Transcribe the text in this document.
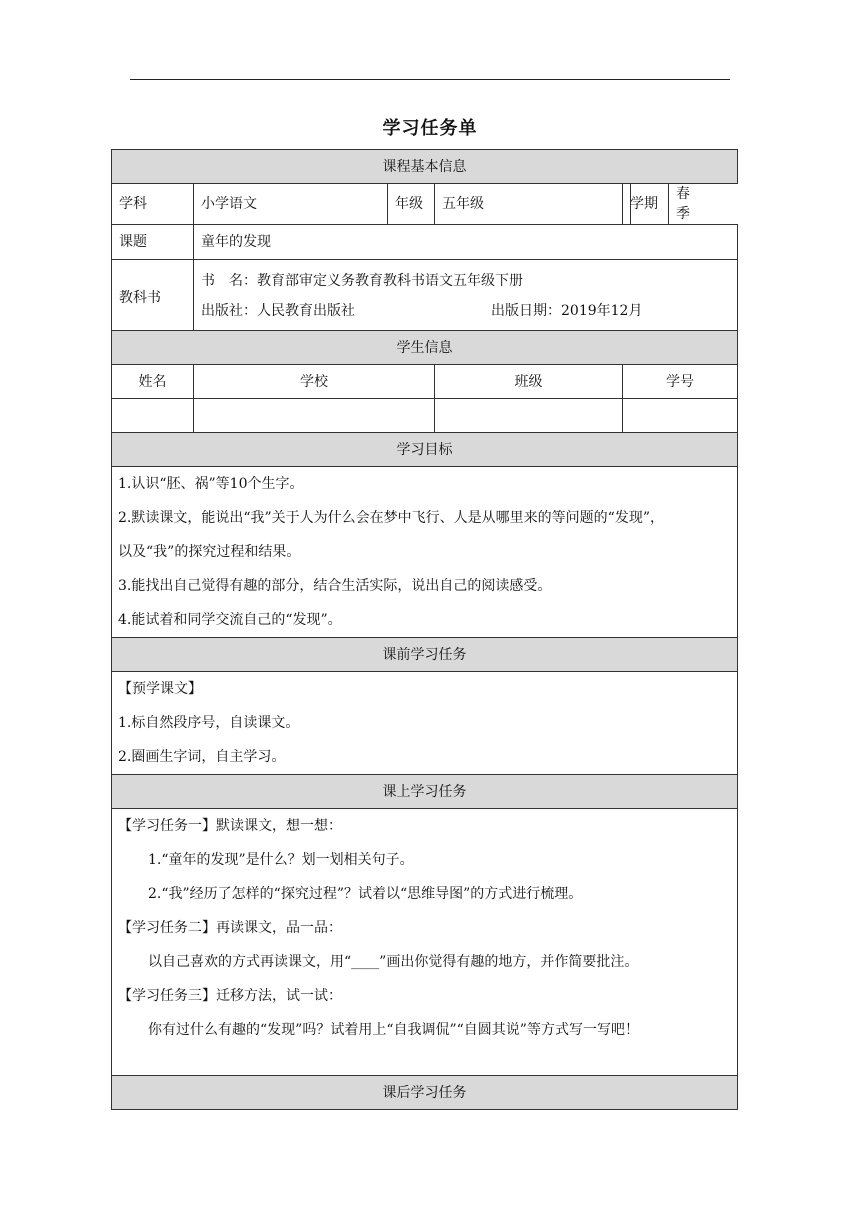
学习任务单
课程基本信息
学科	小学语文	年级	五年级		学期	春季

课题	童年的发现
教科书	
书　名：教育部审定义务教育教科书语文五年级下册
出版社：人民教育出版社	出版日期：2019年12月

学生信息
姓名	学校	班级	学号

学习目标

1.认识“胚、祸”等10个生字。
2.默读课文，能说出“我”关于人为什么会在梦中飞行、人是从哪里来的等问题的“发现”，
以及“我”的探究过程和结果。
3.能找出自己觉得有趣的部分，结合生活实际，说出自己的阅读感受。
4.能试着和同学交流自己的“发现”。

课前学习任务

【预学课文】
1.标自然段序号，自读课文。
2.圈画生字词，自主学习。

课上学习任务

【学习任务一】默读课文，想一想：
1.“童年的发现”是什么？划一划相关句子。
2.“我”经历了怎样的“探究过程”？试着以“思维导图”的方式进行梳理。
【学习任务二】再读课文，品一品：
以自己喜欢的方式再读课文，用“____”画出你觉得有趣的地方，并作简要批注。
【学习任务三】迁移方法，试一试：
你有过什么有趣的“发现”吗？试着用上“自我调侃”“自圆其说”等方式写一写吧！

课后学习任务
